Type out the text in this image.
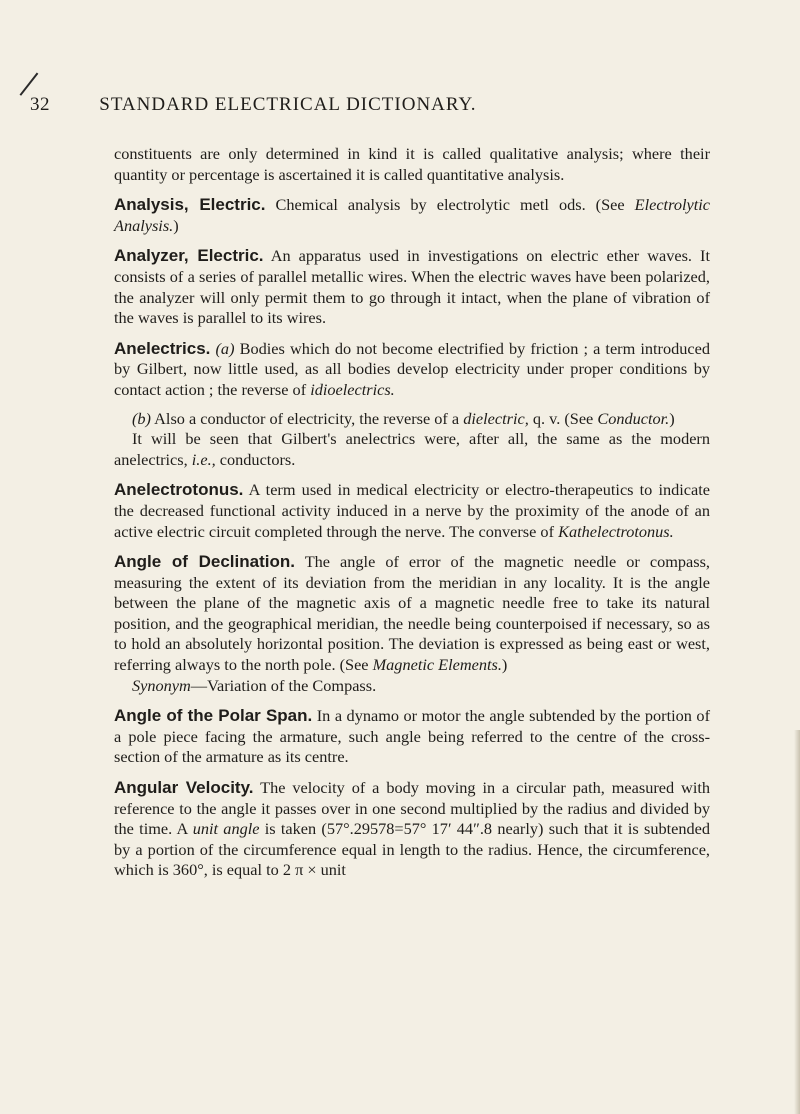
32	STANDARD ELECTRICAL DICTIONARY.

constituents are only determined in kind it is called qualitative analysis; where their quantity or percentage is ascertained it is called quantitative analysis.

Analysis, Electric. Chemical analysis by electrolytic metl ods. (See Electrolytic Analysis.)

Analyzer, Electric. An apparatus used in investigations on electric ether waves. It consists of a series of parallel metallic wires. When the electric waves have been polarized, the analyzer will only permit them to go through it intact, when the plane of vibration of the waves is parallel to its wires.

Anelectrics. (a) Bodies which do not become electrified by friction ; a term introduced by Gilbert, now little used, as all bodies develop electricity under proper conditions by contact action ; the reverse of idioelectrics.

(b) Also a conductor of electricity, the reverse of a dielectric, q. v. (See Conductor.)

It will be seen that Gilbert's anelectrics were, after all, the same as the modern anelectrics, i.e., conductors.

Anelectrotonus. A term used in medical electricity or electro-therapeutics to indicate the decreased functional activity induced in a nerve by the proximity of the anode of an active electric circuit completed through the nerve. The converse of Kathelectrotonus.

Angle of Declination. The angle of error of the magnetic needle or compass, measuring the extent of its deviation from the meridian in any locality. It is the angle between the plane of the magnetic axis of a magnetic needle free to take its natural position, and the geographical meridian, the needle being counterpoised if necessary, so as to hold an absolutely horizontal position. The deviation is expressed as being east or west, referring always to the north pole. (See Magnetic Elements.)

Synonym—Variation of the Compass.

Angle of the Polar Span. In a dynamo or motor the angle subtended by the portion of a pole piece facing the armature, such angle being referred to the centre of the cross-section of the armature as its centre.

Angular Velocity. The velocity of a body moving in a circular path, measured with reference to the angle it passes over in one second multiplied by the radius and divided by the time. A unit angle is taken (57°.29578=57° 17′ 44″.8 nearly) such that it is subtended by a portion of the circumference equal in length to the radius. Hence, the circumference, which is 360°, is equal to 2 π × unit
